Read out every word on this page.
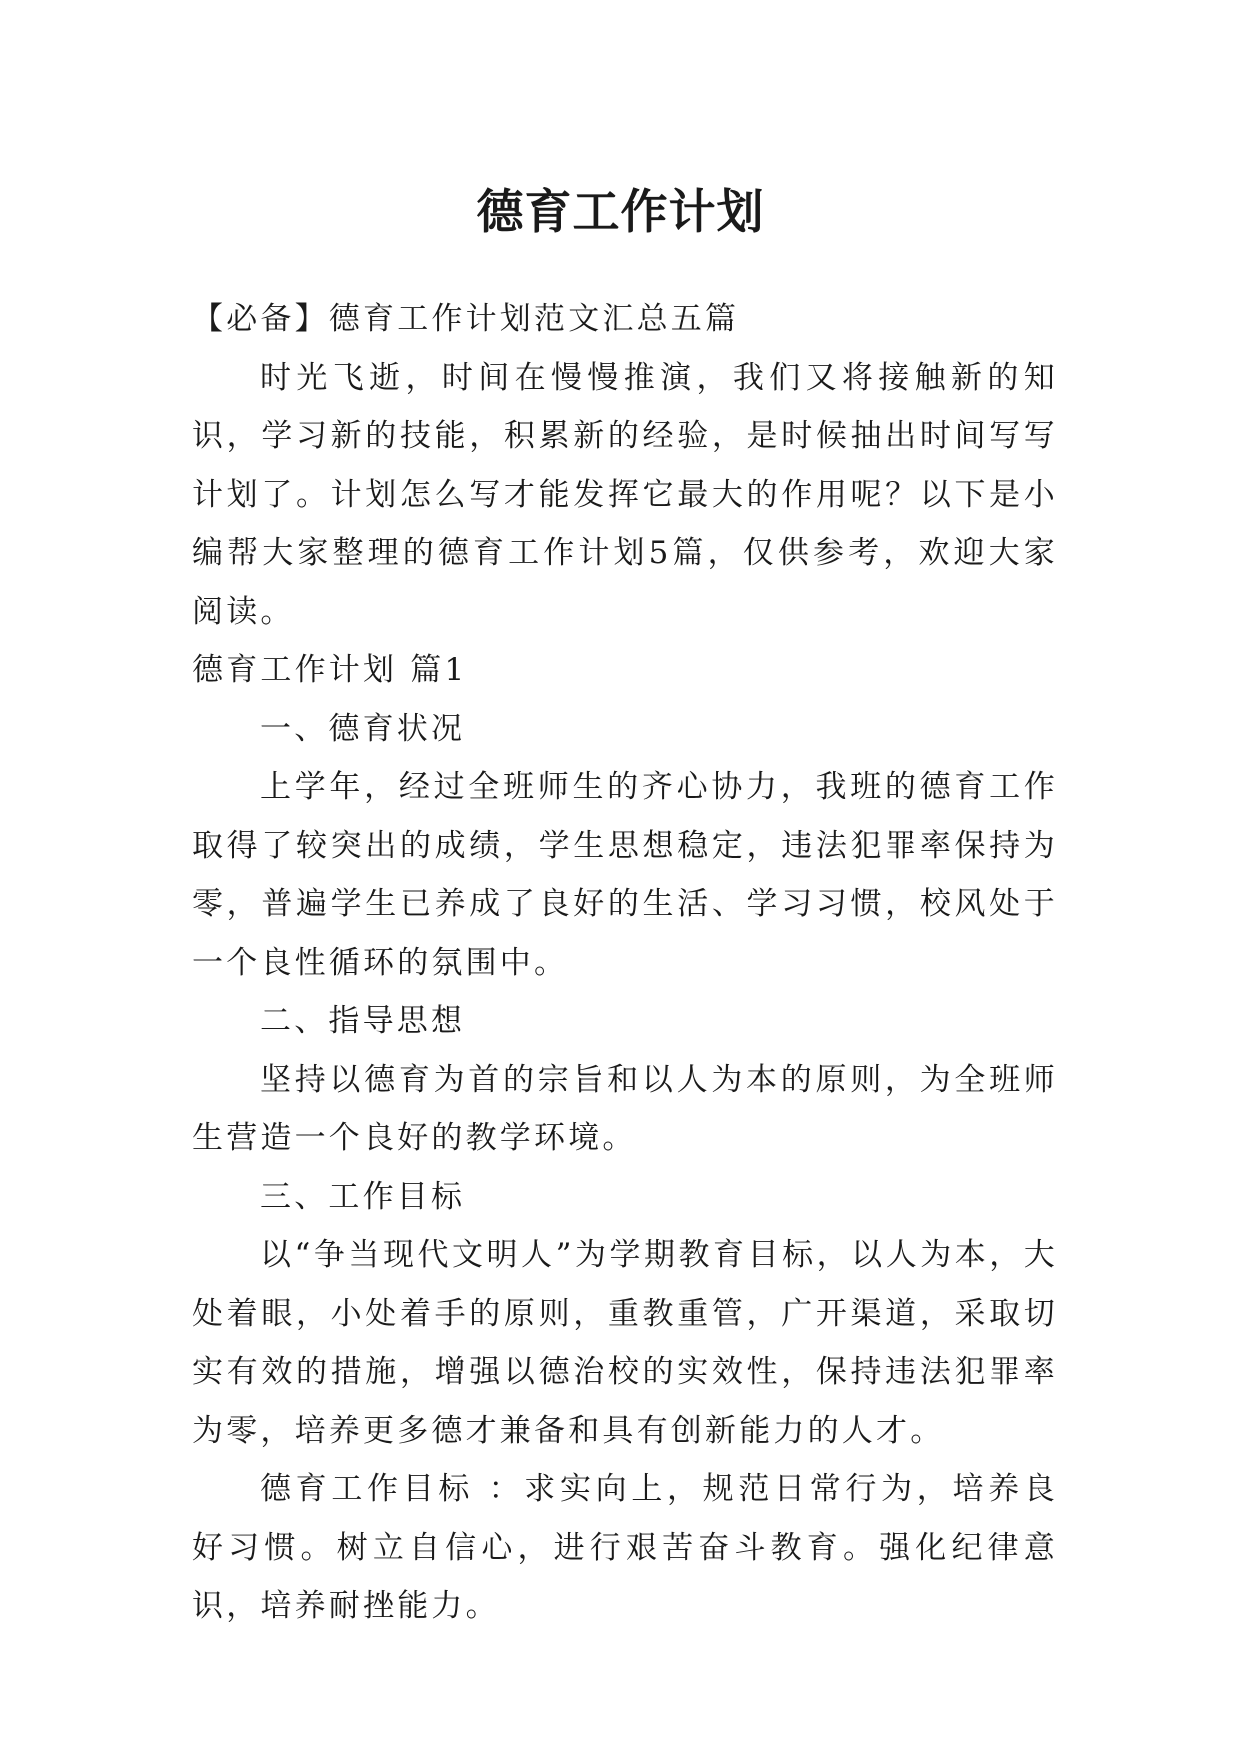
德育工作计划

【必备】德育工作计划范文汇总五篇

时光飞逝，时间在慢慢推演，我们又将接触新的知识，学习新的技能，积累新的经验，是时候抽出时间写写计划了。计划怎么写才能发挥它最大的作用呢？以下是小编帮大家整理的德育工作计划5篇，仅供参考，欢迎大家阅读。

德育工作计划 篇1

一、德育状况

上学年，经过全班师生的齐心协力，我班的德育工作取得了较突出的成绩，学生思想稳定，违法犯罪率保持为零，普遍学生已养成了良好的生活、学习习惯，校风处于一个良性循环的氛围中。

二、指导思想

坚持以德育为首的宗旨和以人为本的原则，为全班师生营造一个良好的教学环境。

三、工作目标

以“争当现代文明人”为学期教育目标，以人为本，大处着眼，小处着手的原则，重教重管，广开渠道，采取切实有效的措施，增强以德治校的实效性，保持违法犯罪率为零，培养更多德才兼备和具有创新能力的人才。

德育工作目标 ：求实向上，规范日常行为，培养良好习惯。树立自信心，进行艰苦奋斗教育。强化纪律意识，培养耐挫能力。
